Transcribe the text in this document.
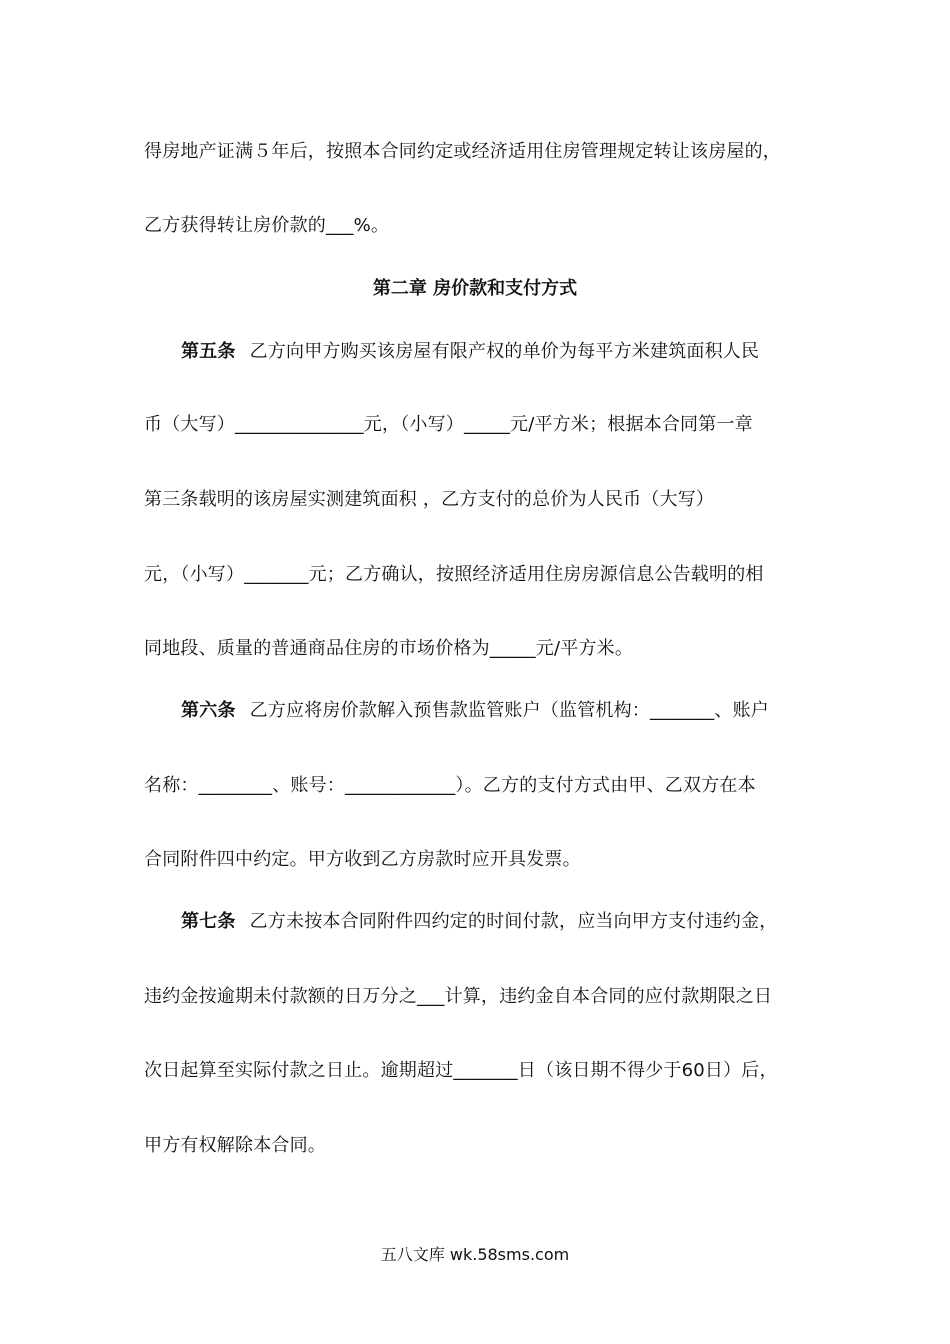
得房地产证满５年后，按照本合同约定或经济适用住房管理规定转让该房屋的，
乙方获得转让房价款的___%。
第二章 房价款和支付方式
第五条 乙方向甲方购买该房屋有限产权的单价为每平方米建筑面积人民
币（大写）______________元，（小写）_____元/平方米；根据本合同第一章
第三条载明的该房屋实测建筑面积 ，乙方支付的总价为人民币（大写）
元，（小写）_______元；乙方确认，按照经济适用住房房源信息公告载明的相
同地段、质量的普通商品住房的市场价格为_____元/平方米。
第六条 乙方应将房价款解入预售款监管账户（监管机构：_______、账户
名称：________、账号：____________）。乙方的支付方式由甲、乙双方在本
合同附件四中约定。甲方收到乙方房款时应开具发票。
第七条 乙方未按本合同附件四约定的时间付款，应当向甲方支付违约金，
违约金按逾期未付款额的日万分之___计算，违约金自本合同的应付款期限之日
次日起算至实际付款之日止。逾期超过_______日（该日期不得少于60日）后，
甲方有权解除本合同。
五八文库 wk.58sms.com
